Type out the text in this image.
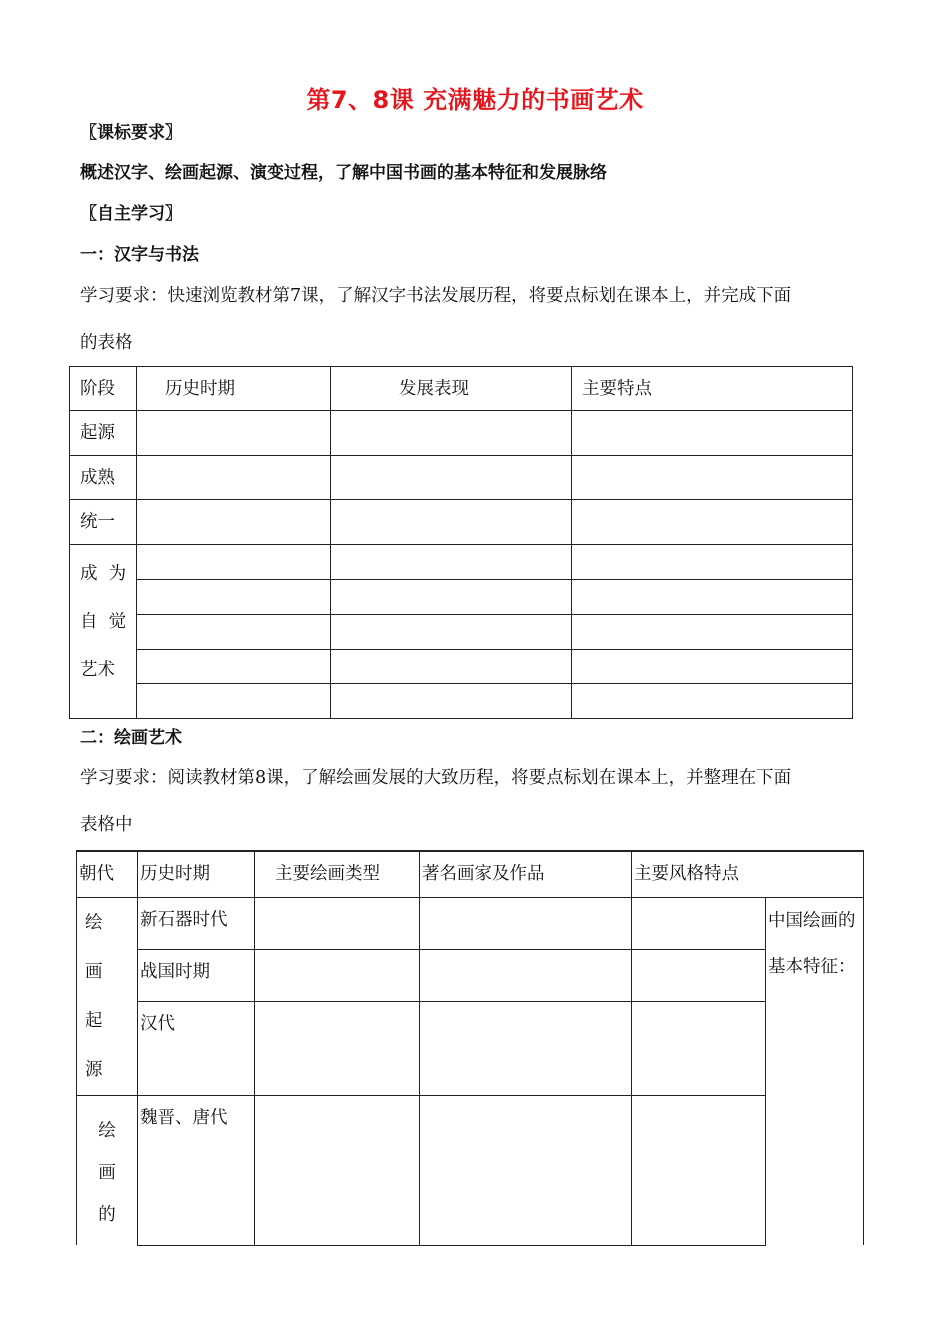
第7、8课 充满魅力的书画艺术
〖课标要求〗
概述汉字、绘画起源、演变过程，了解中国书画的基本特征和发展脉络
〖自主学习〗
一：汉字与书法
学习要求：快速浏览教材第7课，了解汉字书法发展历程，将要点标划在课本上，并完成下面
的表格
阶段	历史时期	发展表现	主要特点

起源			

成熟			

统一			

成  为
自  觉
艺术			

二：绘画艺术
学习要求：阅读教材第8课，了解绘画发展的大致历程，将要点标划在课本上，并整理在下面
表格中
朝代	历史时期	主要绘画类型	著名画家及作品	主要风格特点	

绘
画
起
源	新石器时代				中国绘画的
基本特征：

	战国时期				

	汉代				

绘
画
的	魏晋、唐代				
